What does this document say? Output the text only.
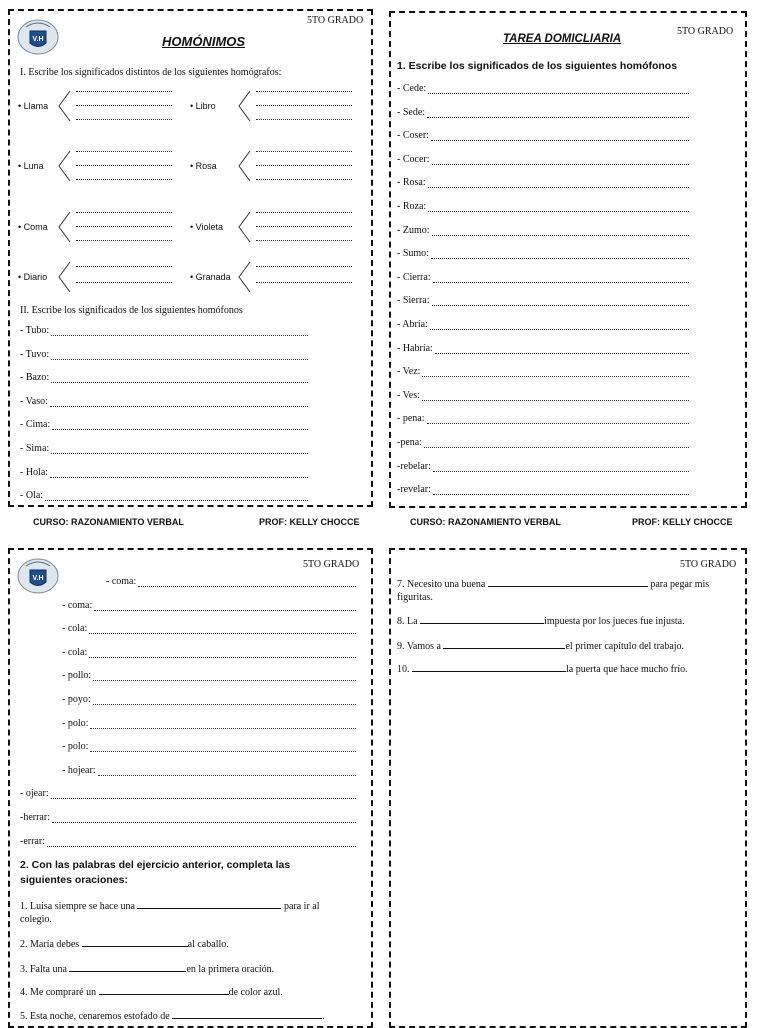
V.H
5TO GRADO
HOMÓNIMOS
I. Escribe los significados distintos de los siguientes homógrafos:
• Llama	• Libro
• Luna	• Rosa
• Coma	• Violeta
• Diario	• Granada
II. Escribe los significados de los siguientes homófonos
- Tubo:
- Tuvo:
- Bazo:
- Vaso:
- Cima:
- Sima:
- Hola:
- Ola:
CURSO: RAZONAMIENTO VERBAL	PROF: KELLY CHOCCE
5TO GRADO
TAREA DOMICLIARIA
1. Escribe los significados de los siguientes homófonos
- Cede:
- Sede:
- Coser:
- Cocer:
- Rosa:
- Roza:
- Zumo:
- Sumo:
- Cierra:
- Sierra:
- Abría:
- Habría:
- Vez:
- Ves:
- pena:
-pena:
-rebelar:
-revelar:
CURSO: RAZONAMIENTO VERBAL	PROF: KELLY CHOCCE
V.H
5TO GRADO
- coma:
- coma:
- cola:
- cola:
- pollo:
- poyo:
- polo:
- polo:
- hojear:
- ojear:
-herrar:
-errar:
2. Con las palabras del ejercicio anterior, completa las siguientes oraciones:
1. Luisa siempre se hace una	para ir al
colegio.
2. María debes	al caballo.
3. Falta una	en la primera oración.
4. Me compraré un	de color azul.
5. Esta noche, cenaremos estofado de	.
5TO GRADO
7. Necesito una buena	para pegar mis
figuritas.
8. La	impuesta por los jueces fue injusta.
9. Vamos a	el primer capítulo del trabajo.
10.	la puerta que hace mucho frío.
